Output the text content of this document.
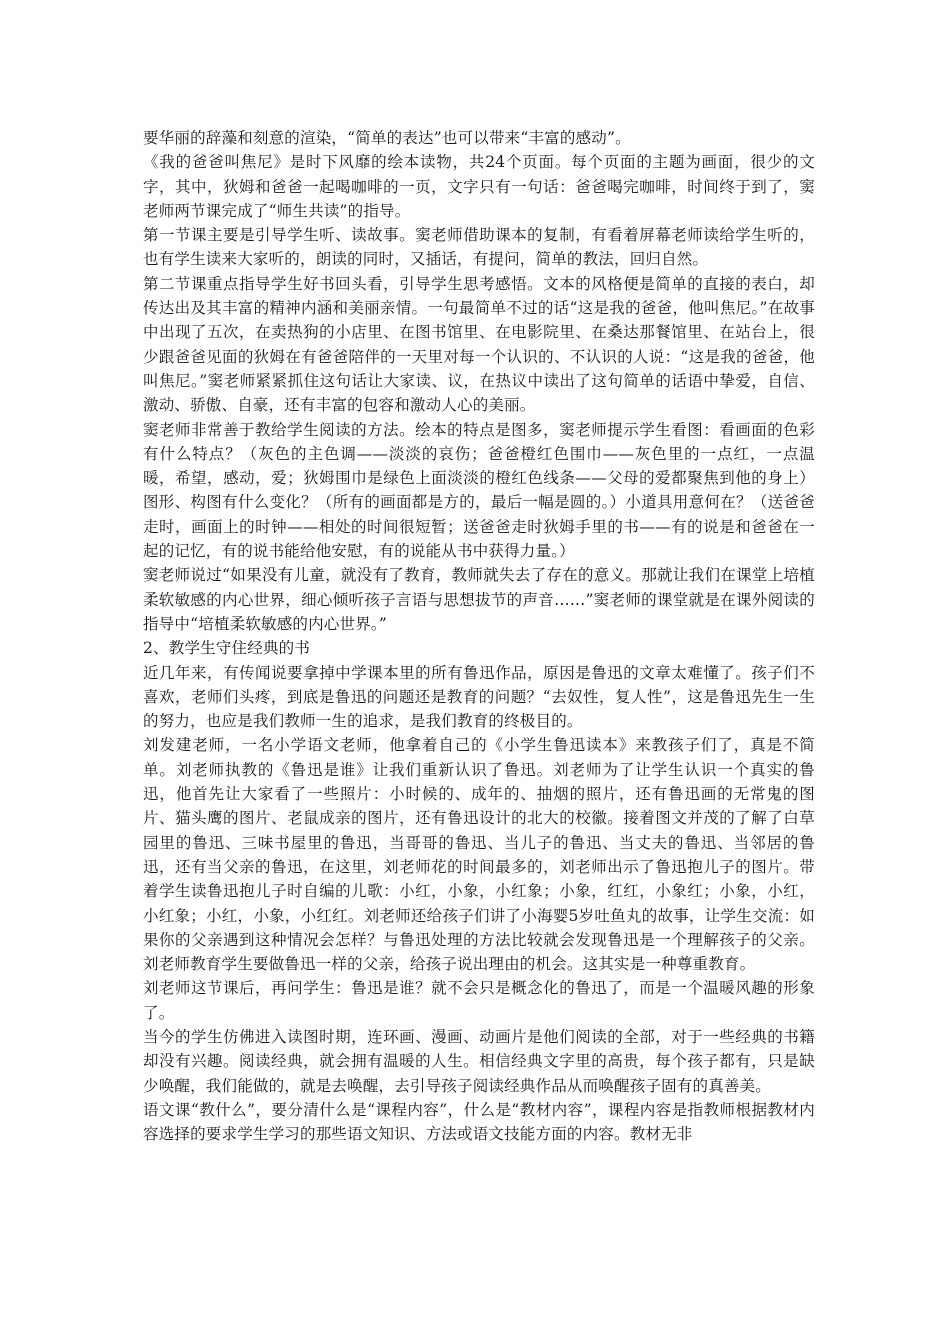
要华丽的辞藻和刻意的渲染，“简单的表达”也可以带来“丰富的感动”。

《我的爸爸叫焦尼》是时下风靡的绘本读物，共24个页面。每个页面的主题为画面，很少的文字，其中，狄姆和爸爸一起喝咖啡的一页，文字只有一句话：爸爸喝完咖啡，时间终于到了，窦老师两节课完成了“师生共读”的指导。

第一节课主要是引导学生听、读故事。窦老师借助课本的复制，有看着屏幕老师读给学生听的，也有学生读来大家听的，朗读的同时，又插话，有提问，简单的教法，回归自然。

第二节课重点指导学生好书回头看，引导学生思考感悟。文本的风格便是简单的直接的表白，却传达出及其丰富的精神内涵和美丽亲情。一句最简单不过的话“这是我的爸爸，他叫焦尼。”在故事中出现了五次，在卖热狗的小店里、在图书馆里、在电影院里、在桑达那餐馆里、在站台上，很少跟爸爸见面的狄姆在有爸爸陪伴的一天里对每一个认识的、不认识的人说：“这是我的爸爸，他叫焦尼。”窦老师紧紧抓住这句话让大家读、议，在热议中读出了这句简单的话语中挚爱，自信、激动、骄傲、自豪，还有丰富的包容和激动人心的美丽。

窦老师非常善于教给学生阅读的方法。绘本的特点是图多，窦老师提示学生看图：看画面的色彩有什么特点？（灰色的主色调——淡淡的哀伤；爸爸橙红色围巾——灰色里的一点红，一点温暖，希望，感动，爱；狄姆围巾是绿色上面淡淡的橙红色线条——父母的爱都聚焦到他的身上）图形、构图有什么变化？（所有的画面都是方的，最后一幅是圆的。）小道具用意何在？（送爸爸走时，画面上的时钟——相处的时间很短暂；送爸爸走时狄姆手里的书——有的说是和爸爸在一起的记忆，有的说书能给他安慰，有的说能从书中获得力量。）

窦老师说过“如果没有儿童，就没有了教育，教师就失去了存在的意义。那就让我们在课堂上培植柔软敏感的内心世界，细心倾听孩子言语与思想拔节的声音……”窦老师的课堂就是在课外阅读的指导中“培植柔软敏感的内心世界。”

2、教学生守住经典的书

近几年来，有传闻说要拿掉中学课本里的所有鲁迅作品，原因是鲁迅的文章太难懂了。孩子们不喜欢，老师们头疼，到底是鲁迅的问题还是教育的问题？“去奴性，复人性”，这是鲁迅先生一生的努力，也应是我们教师一生的追求，是我们教育的终极目的。

刘发建老师，一名小学语文老师，他拿着自己的《小学生鲁迅读本》来教孩子们了，真是不简单。刘老师执教的《鲁迅是谁》让我们重新认识了鲁迅。刘老师为了让学生认识一个真实的鲁迅，他首先让大家看了一些照片：小时候的、成年的、抽烟的照片，还有鲁迅画的无常鬼的图片、猫头鹰的图片、老鼠成亲的图片，还有鲁迅设计的北大的校徽。接着图文并茂的了解了白草园里的鲁迅、三味书屋里的鲁迅，当哥哥的鲁迅、当儿子的鲁迅、当丈夫的鲁迅、当邻居的鲁迅，还有当父亲的鲁迅，在这里，刘老师花的时间最多的，刘老师出示了鲁迅抱儿子的图片。带着学生读鲁迅抱儿子时自编的儿歌：小红，小象，小红象；小象，红红，小象红；小象，小红，小红象；小红，小象，小红红。刘老师还给孩子们讲了小海婴5岁吐鱼丸的故事，让学生交流：如果你的父亲遇到这种情况会怎样？与鲁迅处理的方法比较就会发现鲁迅是一个理解孩子的父亲。刘老师教育学生要做鲁迅一样的父亲，给孩子说出理由的机会。这其实是一种尊重教育。

刘老师这节课后，再问学生：鲁迅是谁？就不会只是概念化的鲁迅了，而是一个温暖风趣的形象了。

当今的学生仿佛进入读图时期，连环画、漫画、动画片是他们阅读的全部，对于一些经典的书籍却没有兴趣。阅读经典，就会拥有温暖的人生。相信经典文字里的高贵，每个孩子都有，只是缺少唤醒，我们能做的，就是去唤醒，去引导孩子阅读经典作品从而唤醒孩子固有的真善美。

语文课“教什么”，要分清什么是“课程内容”，什么是“教材内容”，课程内容是指教师根据教材内容选择的要求学生学习的那些语文知识、方法或语文技能方面的内容。教材无非
